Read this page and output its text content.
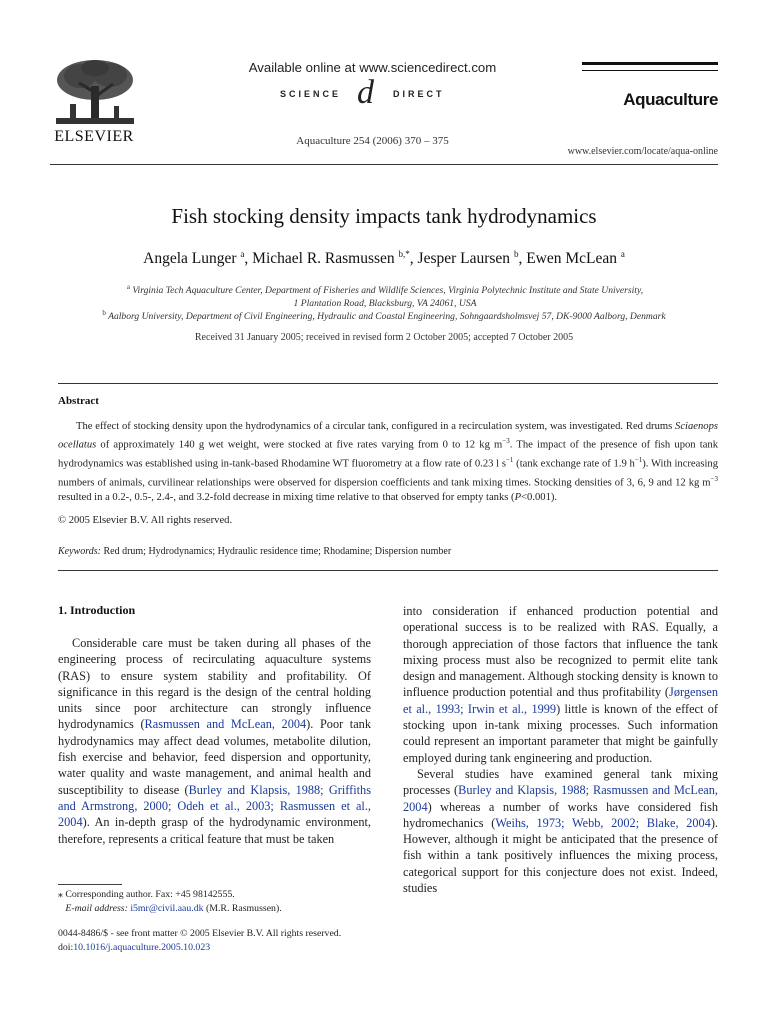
ELSEVIER
Available online at www.sciencedirect.com
SCIENCE d DIRECT
Aquaculture 254 (2006) 370 – 375
Aquaculture
www.elsevier.com/locate/aqua-online
Fish stocking density impacts tank hydrodynamics
Angela Lunger $^a$, Michael R. Rasmussen $^{b,*}$, Jesper Laursen $^b$, Ewen McLean $^a$
$^a$ Virginia Tech Aquaculture Center, Department of Fisheries and Wildlife Sciences, Virginia Polytechnic Institute and State University,
1 Plantation Road, Blacksburg, VA 24061, USA
$^b$ Aalborg University, Department of Civil Engineering, Hydraulic and Coastal Engineering, Sohngaardsholmsvej 57, DK-9000 Aalborg, Denmark
Received 31 January 2005; received in revised form 2 October 2005; accepted 7 October 2005
Abstract
The effect of stocking density upon the hydrodynamics of a circular tank, configured in a recirculation system, was investigated. Red drums Sciaenops ocellatus of approximately 140 g wet weight, were stocked at five rates varying from 0 to 12 kg $m^{-3}$. The impact of the presence of fish upon tank hydrodynamics was established using in-tank-based Rhodamine WT fluorometry at a flow rate of 0.23 l $s^{-1}$ (tank exchange rate of 1.9 $h^{-1}$). With increasing numbers of animals, curvilinear relationships were observed for dispersion coefficients and tank mixing times. Stocking densities of 3, 6, 9 and 12 kg $m^{-3}$ resulted in a 0.2-, 0.5-, 2.4-, and 3.2-fold decrease in mixing time relative to that observed for empty tanks (P<0.001).
© 2005 Elsevier B.V. All rights reserved.
Keywords: Red drum; Hydrodynamics; Hydraulic residence time; Rhodamine; Dispersion number
1. Introduction

Considerable care must be taken during all phases of the engineering process of recirculating aquaculture systems (RAS) to ensure system stability and profitability. Of significance in this regard is the design of the central holding units since poor architecture can strongly influence hydrodynamics (Rasmussen and McLean, 2004). Poor tank hydrodynamics may affect dead volumes, metabolite dilution, fish exercise and behavior, feed dispersion and opportunity, water quality and waste management, and animal health and susceptibility to disease (Burley and Klapsis, 1988; Griffiths and Armstrong, 2000; Odeh et al., 2003; Rasmussen et al., 2004). An in-depth grasp of the hydrodynamic environment, therefore, represents a critical feature that must be taken

into consideration if enhanced production potential and operational success is to be realized with RAS. Equally, a thorough appreciation of those factors that influence the tank mixing process must also be recognized to permit elite tank design and management. Although stocking density is known to influence production potential and thus profitability (Jørgensen et al., 1993; Irwin et al., 1999) little is known of the effect of stocking upon in-tank mixing processes. Such information could represent an important parameter that might be gainfully employed during tank engineering and production.

Several studies have examined general tank mixing processes (Burley and Klapsis, 1988; Rasmussen and McLean, 2004) whereas a number of works have considered fish hydromechanics (Weihs, 1973; Webb, 2002; Blake, 2004). However, although it might be anticipated that the presence of fish within a tank positively influences the mixing process, categorical support for this conjecture does not exist. Indeed, studies

⁎ Corresponding author. Fax: +45 98142555.
E-mail address: i5mr@civil.aau.dk (M.R. Rasmussen).
0044-8486/$ - see front matter © 2005 Elsevier B.V. All rights reserved.
doi:10.1016/j.aquaculture.2005.10.023
